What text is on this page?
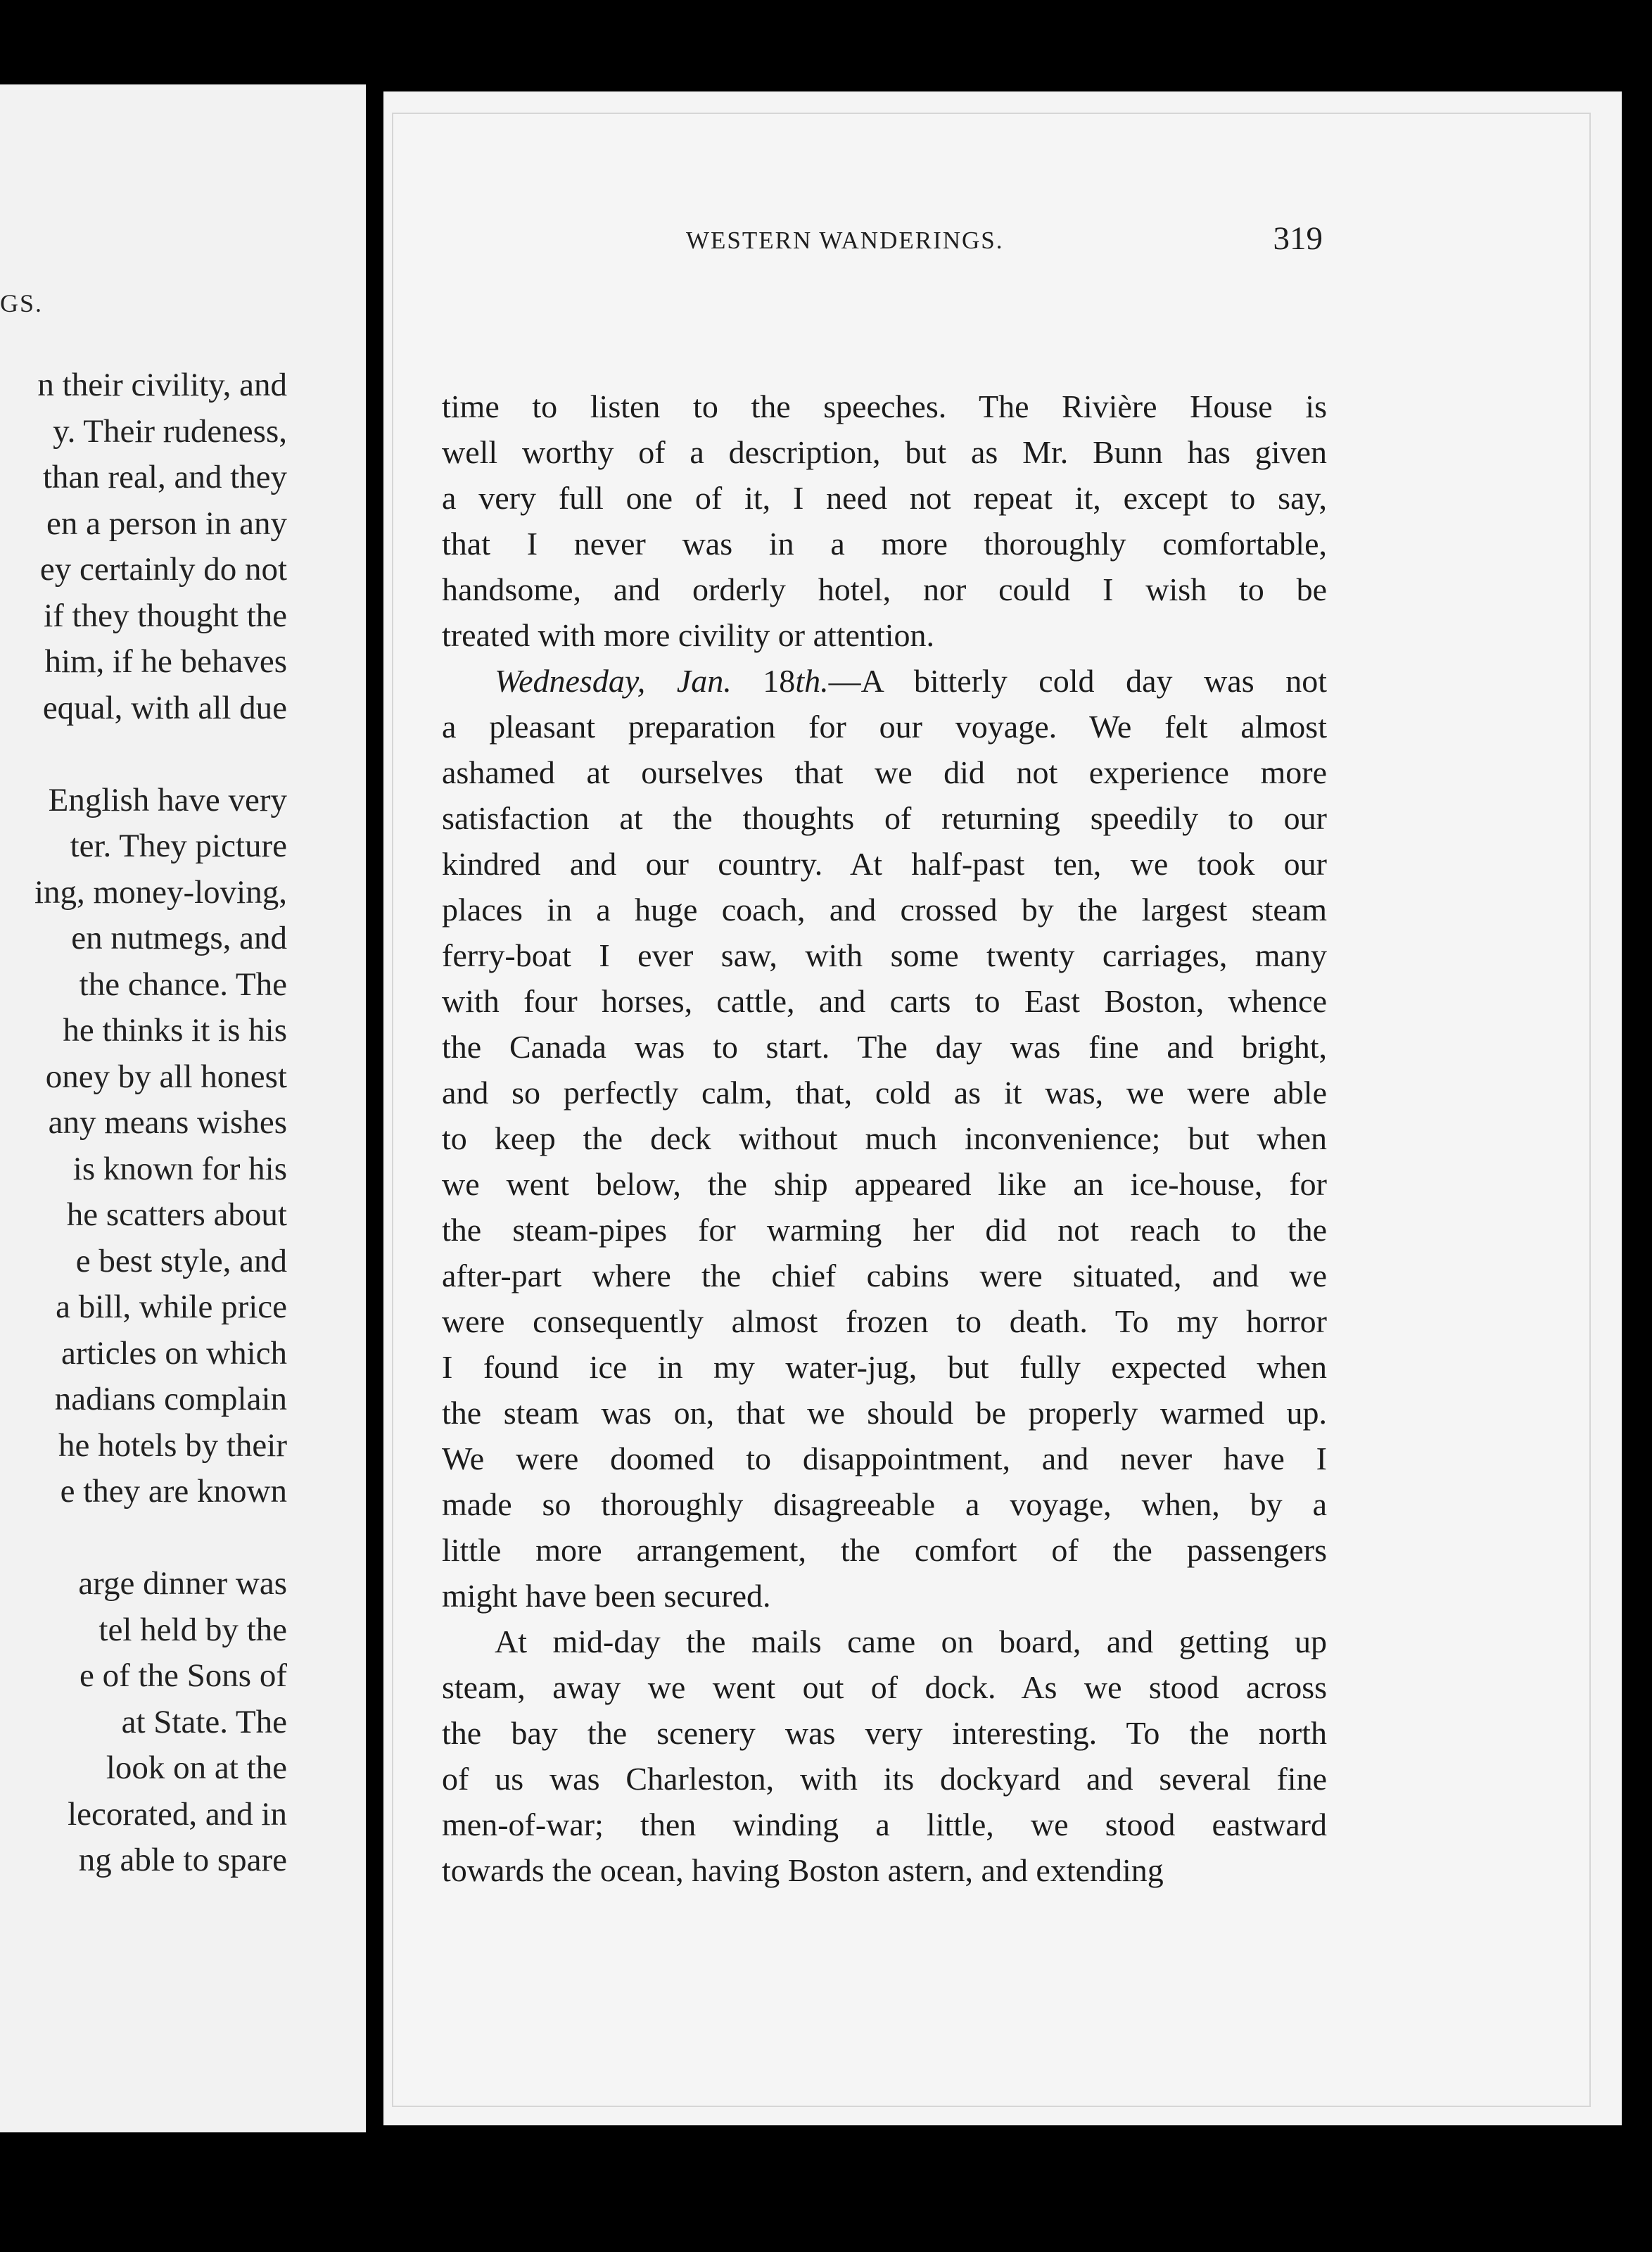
GS.
n their civility, and
y. Their rudeness,
than real, and they
en a person in any
ey certainly do not
if they thought the
him, if he behaves
equal, with all due
English have very
ter. They picture
ing, money-loving,
en nutmegs, and
the chance. The
he thinks it is his
oney by all honest
any means wishes
is known for his
he scatters about
e best style, and
a bill, while price
articles on which
nadians complain
he hotels by their
e they are known
arge dinner was
tel held by the
e of the Sons of
at State. The
look on at the
lecorated, and in
ng able to spare
WESTERN WANDERINGS.	319
time to listen to the speeches. The Rivière House is
well worthy of a description, but as Mr. Bunn has given
a very full one of it, I need not repeat it, except to say,
that I never was in a more thoroughly comfortable,
handsome, and orderly hotel, nor could I wish to be
treated with more civility or attention.
Wednesday, Jan. 18th.—A bitterly cold day was not
a pleasant preparation for our voyage. We felt almost
ashamed at ourselves that we did not experience more
satisfaction at the thoughts of returning speedily to our
kindred and our country. At half-past ten, we took our
places in a huge coach, and crossed by the largest steam
ferry-boat I ever saw, with some twenty carriages, many
with four horses, cattle, and carts to East Boston, whence
the Canada was to start. The day was fine and bright,
and so perfectly calm, that, cold as it was, we were able
to keep the deck without much inconvenience; but when
we went below, the ship appeared like an ice-house, for
the steam-pipes for warming her did not reach to the
after-part where the chief cabins were situated, and we
were consequently almost frozen to death. To my horror
I found ice in my water-jug, but fully expected when
the steam was on, that we should be properly warmed up.
We were doomed to disappointment, and never have I
made so thoroughly disagreeable a voyage, when, by a
little more arrangement, the comfort of the passengers
might have been secured.
At mid-day the mails came on board, and getting up
steam, away we went out of dock. As we stood across
the bay the scenery was very interesting. To the north
of us was Charleston, with its dockyard and several fine
men-of-war; then winding a little, we stood eastward
towards the ocean, having Boston astern, and extending
